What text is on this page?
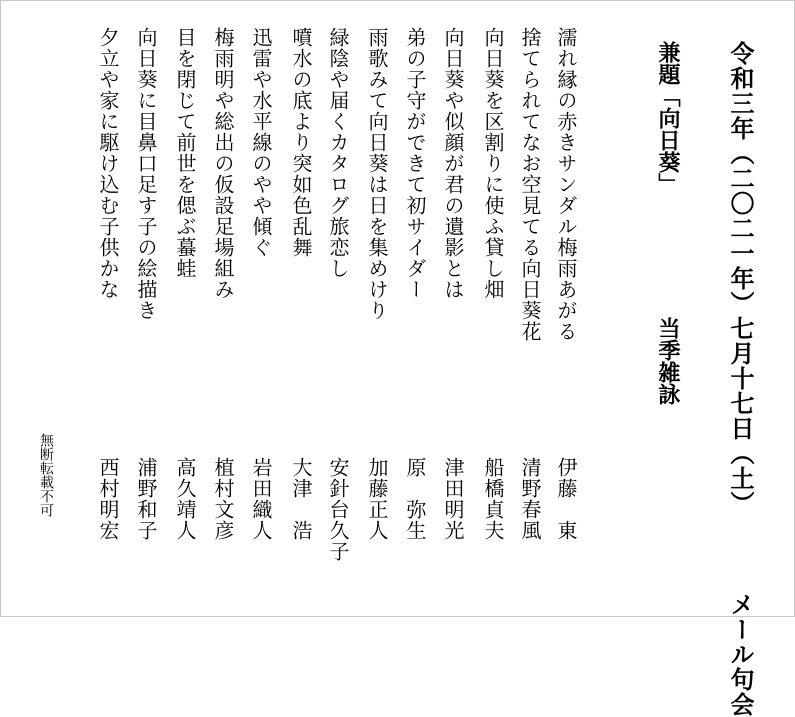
令和三年（二〇二一年）七月十七日（土）  メール句会
兼題「向日葵」  当季雑詠
濡れ縁の赤きサンダル梅雨あがる
伊藤　東
捨てられてなお空見てる向日葵花
清野春風
向日葵を区割りに使ふ貸し畑
船橋貞夫
向日葵や似顔が君の遺影とは
津田明光
弟の子守ができて初サイダー
原　弥生
雨歌みて向日葵は日を集めけり
加藤正人
緑陰や届くカタログ旅恋し
安針台久子
噴水の底より突如色乱舞
大津　浩
迅雷や水平線のやや傾ぐ
岩田織人
梅雨明や総出の仮設足場組み
植村文彦
目を閉じて前世を偲ぶ蟇蛙
高久靖人
向日葵に目鼻口足す子の絵描き
浦野和子
夕立や家に駆け込む子供かな
西村明宏
無断転載不可
